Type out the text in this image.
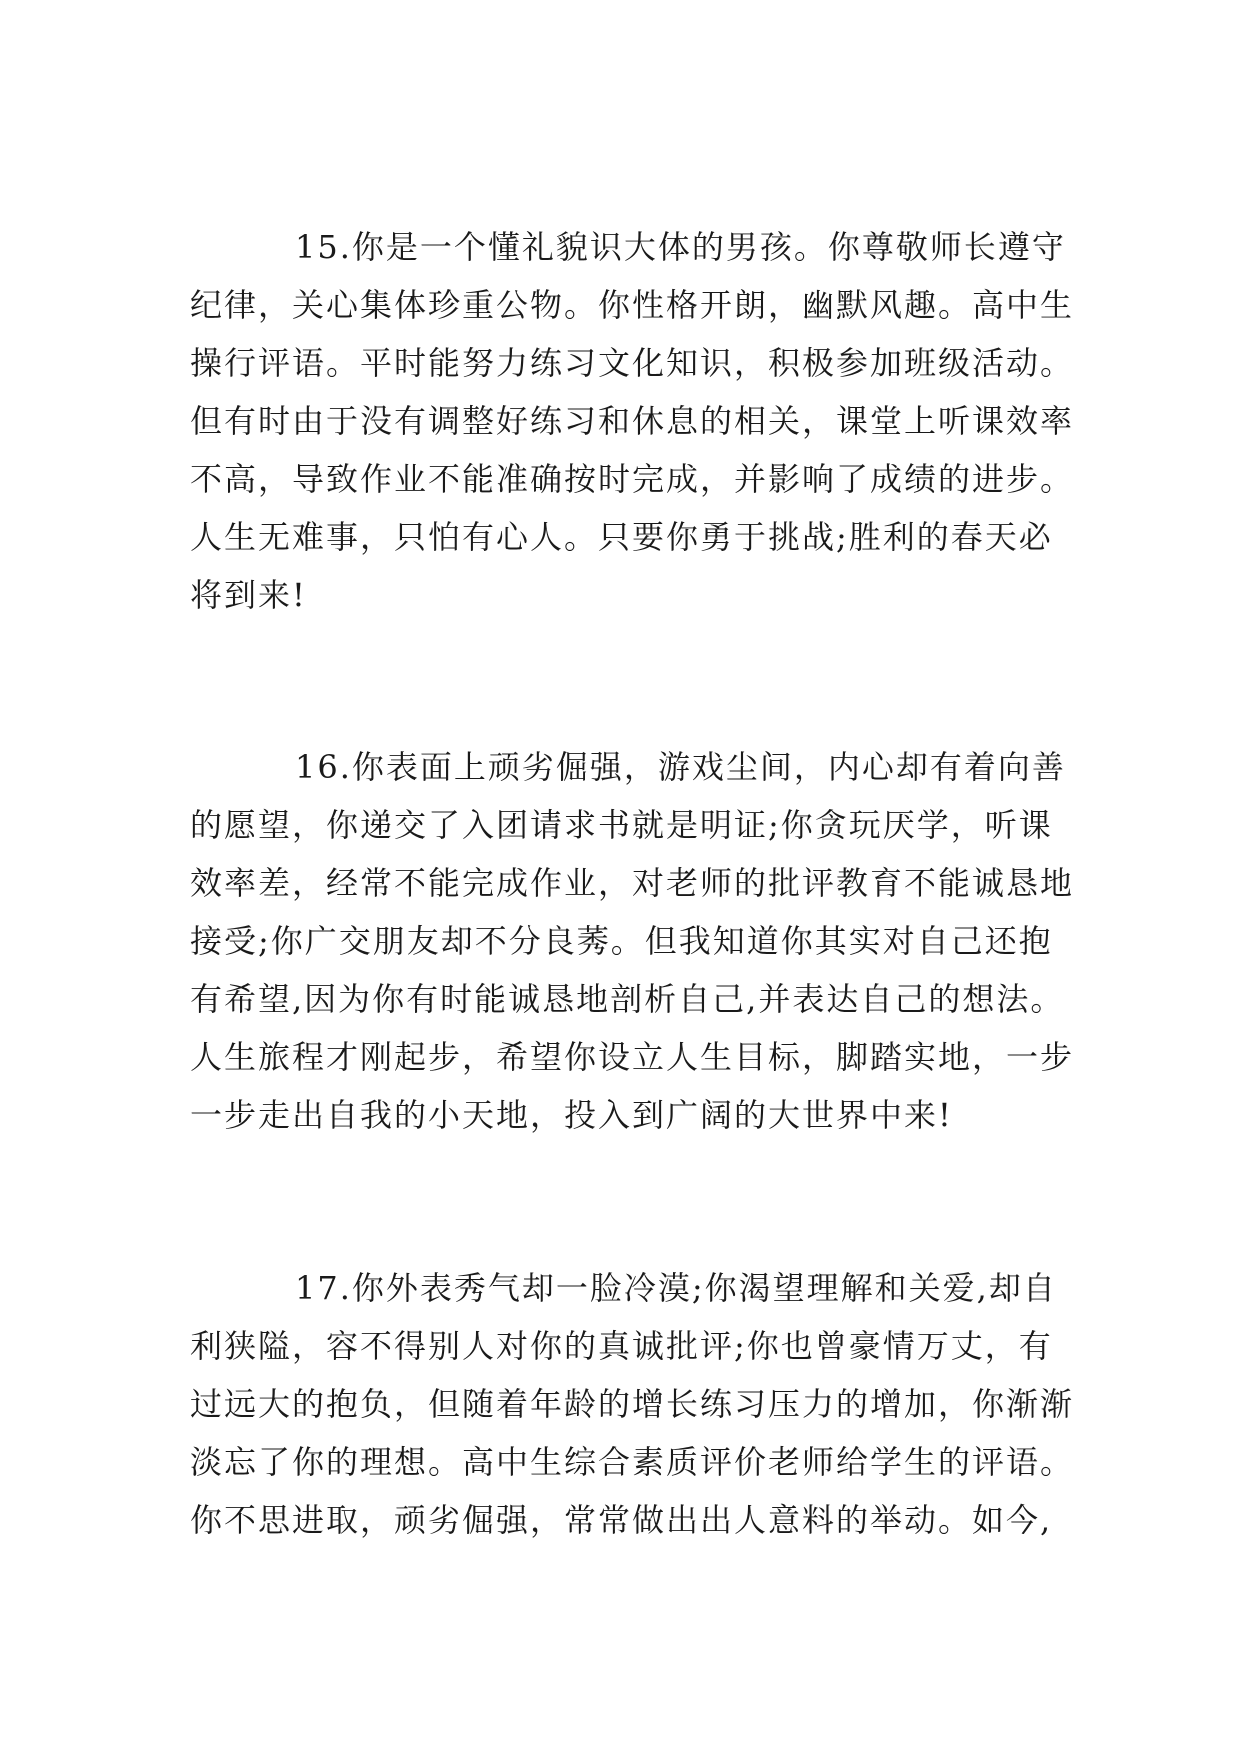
15.你是一个懂礼貌识大体的男孩。你尊敬师长遵守
纪律，关心集体珍重公物。你性格开朗，幽默风趣。高中生
操行评语。平时能努力练习文化知识，积极参加班级活动。
但有时由于没有调整好练习和休息的相关，课堂上听课效率
不高，导致作业不能准确按时完成，并影响了成绩的进步。
人生无难事，只怕有心人。只要你勇于挑战;胜利的春天必
将到来!
16.你表面上顽劣倔强，游戏尘间，内心却有着向善
的愿望，你递交了入团请求书就是明证;你贪玩厌学，听课
效率差，经常不能完成作业，对老师的批评教育不能诚恳地
接受;你广交朋友却不分良莠。但我知道你其实对自己还抱
有希望,因为你有时能诚恳地剖析自己,并表达自己的想法。
人生旅程才刚起步，希望你设立人生目标，脚踏实地，一步
一步走出自我的小天地，投入到广阔的大世界中来!
17.你外表秀气却一脸冷漠;你渴望理解和关爱,却自
利狭隘，容不得别人对你的真诚批评;你也曾豪情万丈，有
过远大的抱负，但随着年龄的增长练习压力的增加，你渐渐
淡忘了你的理想。高中生综合素质评价老师给学生的评语。
你不思进取，顽劣倔强，常常做出出人意料的举动。如今,
